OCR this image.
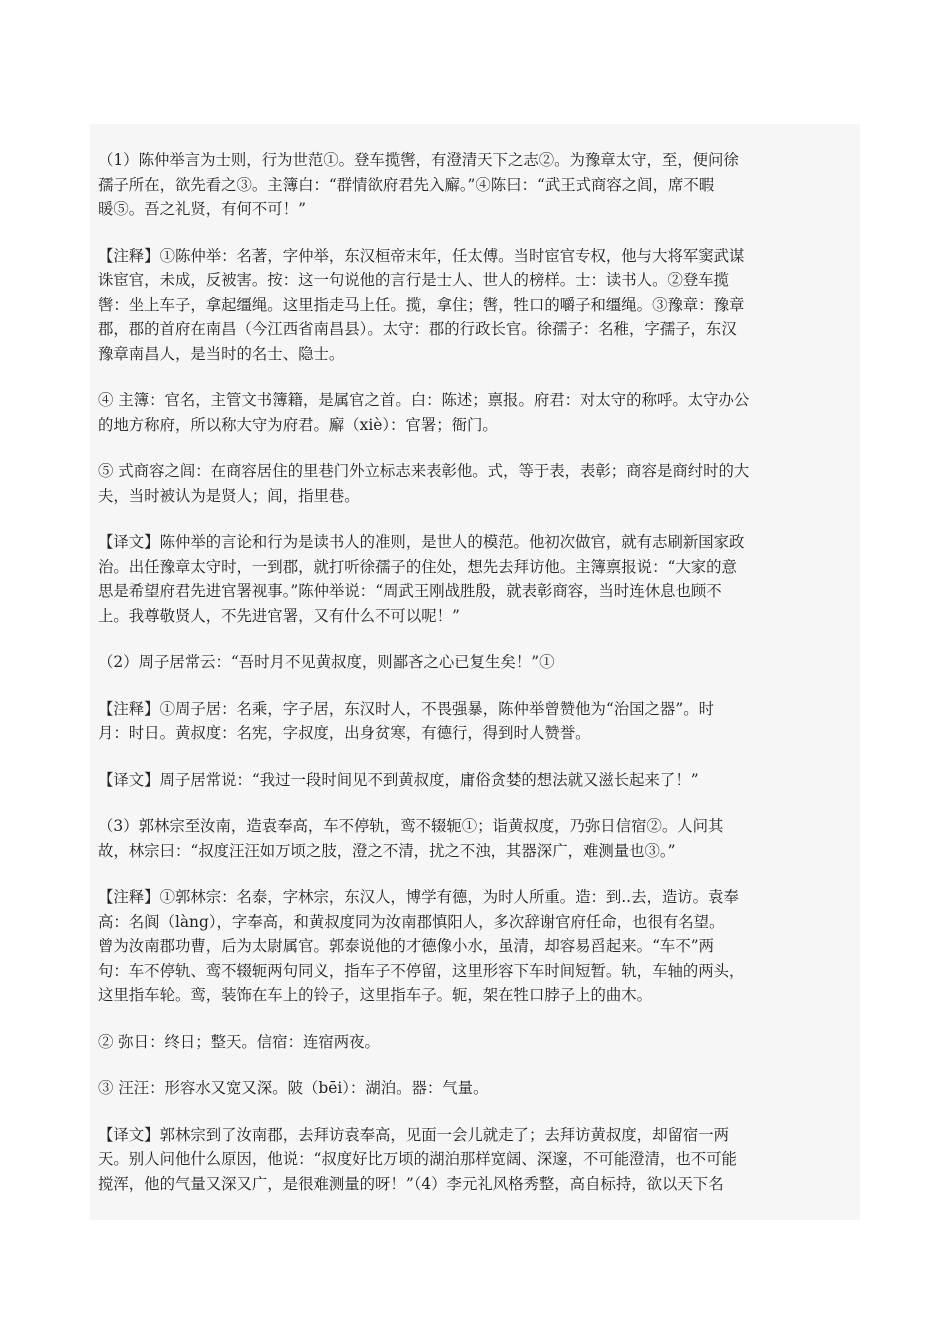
（1）陈仲举言为士则，行为世范①。登车揽辔，有澄清天下之志②。为豫章太守，至，便问徐
孺子所在，欲先看之③。主簿白：“群情欲府君先入廨。”④陈曰：“武王式商容之闾，席不暇
暖⑤。吾之礼贤，有何不可！”

【注释】①陈仲举：名著，字仲举，东汉桓帝末年，任太傅。当时宦官专权，他与大将军窦武谋
诛宦官，未成，反被害。按：这一句说他的言行是士人、世人的榜样。士：读书人。②登车揽
辔：坐上车子，拿起缰绳。这里指走马上任。揽，拿住；辔，牲口的嚼子和缰绳。③豫章：豫章
郡，郡的首府在南昌（今江西省南昌县）。太守：郡的行政长官。徐孺子：名稚，字孺子，东汉
豫章南昌人，是当时的名士、隐士。

④ 主簿：官名，主管文书簿籍，是属官之首。白：陈述；禀报。府君：对太守的称呼。太守办公
的地方称府，所以称大守为府君。廨（xiè）：官署；衙门。

⑤ 式商容之闾：在商容居住的里巷门外立标志来表彰他。式，等于表，表彰；商容是商纣时的大
夫，当时被认为是贤人；闾，指里巷。

【译文】陈仲举的言论和行为是读书人的准则，是世人的模范。他初次做官，就有志刷新国家政
治。出任豫章太守时，一到郡，就打听徐孺子的住处，想先去拜访他。主簿禀报说：“大家的意
思是希望府君先进官署视事。”陈仲举说：“周武王刚战胜殷，就表彰商容，当时连休息也顾不
上。我尊敬贤人，不先进官署，又有什么不可以呢！”

（2）周子居常云：“吾时月不见黄叔度，则鄙吝之心已复生矣！”①

【注释】①周子居：名乘，字子居，东汉时人，不畏强暴，陈仲举曾赞他为“治国之器”。时
月：时日。黄叔度：名宪，字叔度，出身贫寒，有德行，得到时人赞誉。

【译文】周子居常说：“我过一段时间见不到黄叔度，庸俗贪婪的想法就又滋长起来了！”

（3）郭林宗至汝南，造袁奉高，车不停轨，鸾不辍轭①；诣黄叔度，乃弥日信宿②。人问其
故，林宗曰：“叔度汪汪如万顷之肢，澄之不清，扰之不浊，其器深广，难测量也③。”

【注释】①郭林宗：名泰，字林宗，东汉人，博学有德，为时人所重。造：到..去，造访。袁奉
高：名阆（làng），字奉高，和黄叔度同为汝南郡慎阳人，多次辞谢官府任命，也很有名望。
曾为汝南郡功曹，后为太尉属官。郭泰说他的才德像小水，虽清，却容易舀起来。“车不”两
句：车不停轨、鸾不辍轭两句同义，指车子不停留，这里形容下车时间短暂。轨，车轴的两头，
这里指车轮。鸾，装饰在车上的铃子，这里指车子。轭，架在牲口脖子上的曲木。

② 弥日：终日；整天。信宿：连宿两夜。

③ 汪汪：形容水又宽又深。陂（bēi）：湖泊。器：气量。

【译文】郭林宗到了汝南郡，去拜访袁奉高，见面一会儿就走了；去拜访黄叔度，却留宿一两
天。别人问他什么原因，他说：“叔度好比万顷的湖泊那样宽阔、深邃，不可能澄清，也不可能
搅浑，他的气量又深又广，是很难测量的呀！”（4）李元礼风格秀整，高自标持，欲以天下名
